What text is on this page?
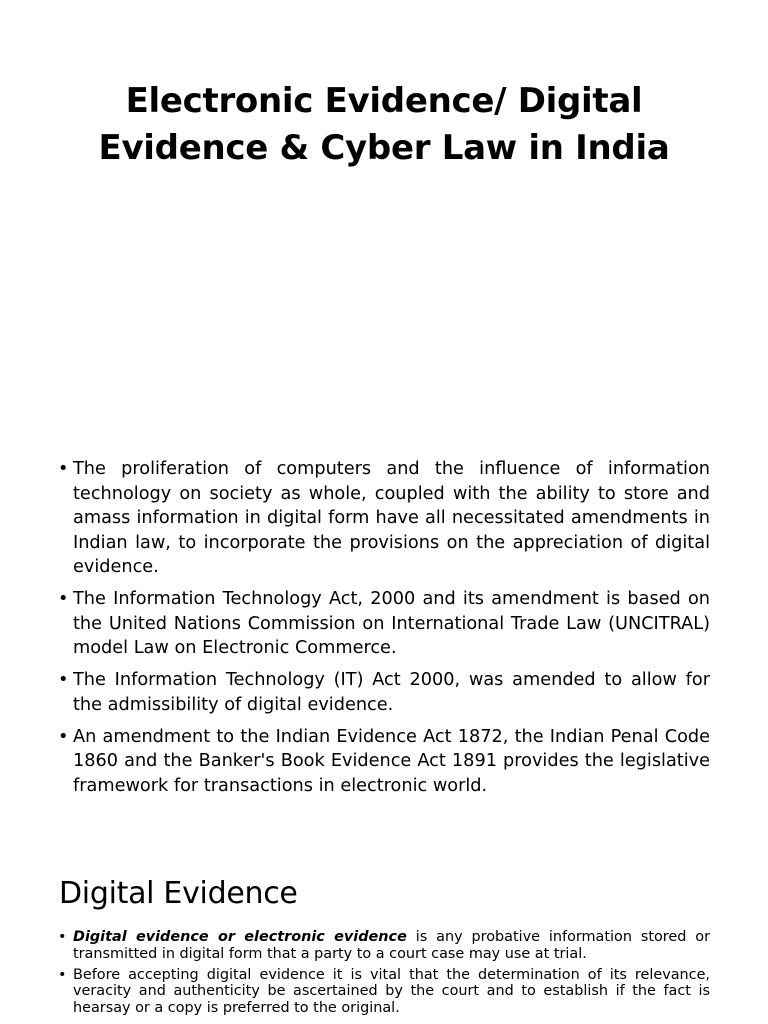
Electronic Evidence/ Digital
Evidence & Cyber Law in India
• The proliferation of computers and the influence of information technology on society as whole, coupled with the ability to store and amass information in digital form have all necessitated amendments in Indian law, to incorporate the provisions on the appreciation of digital evidence.
• The Information Technology Act, 2000 and its amendment is based on the United Nations Commission on International Trade Law (UNCITRAL) model Law on Electronic Commerce.
• The Information Technology (IT) Act 2000, was amended to allow for the admissibility of digital evidence.
• An amendment to the Indian Evidence Act 1872, the Indian Penal Code 1860 and the Banker's Book Evidence Act 1891 provides the legislative framework for transactions in electronic world.
Digital Evidence
• Digital evidence or electronic evidence is any probative information stored or transmitted in digital form that a party to a court case may use at trial.
• Before accepting digital evidence it is vital that the determination of its relevance, veracity and authenticity be ascertained by the court and to establish if the fact is hearsay or a copy is preferred to the original.
